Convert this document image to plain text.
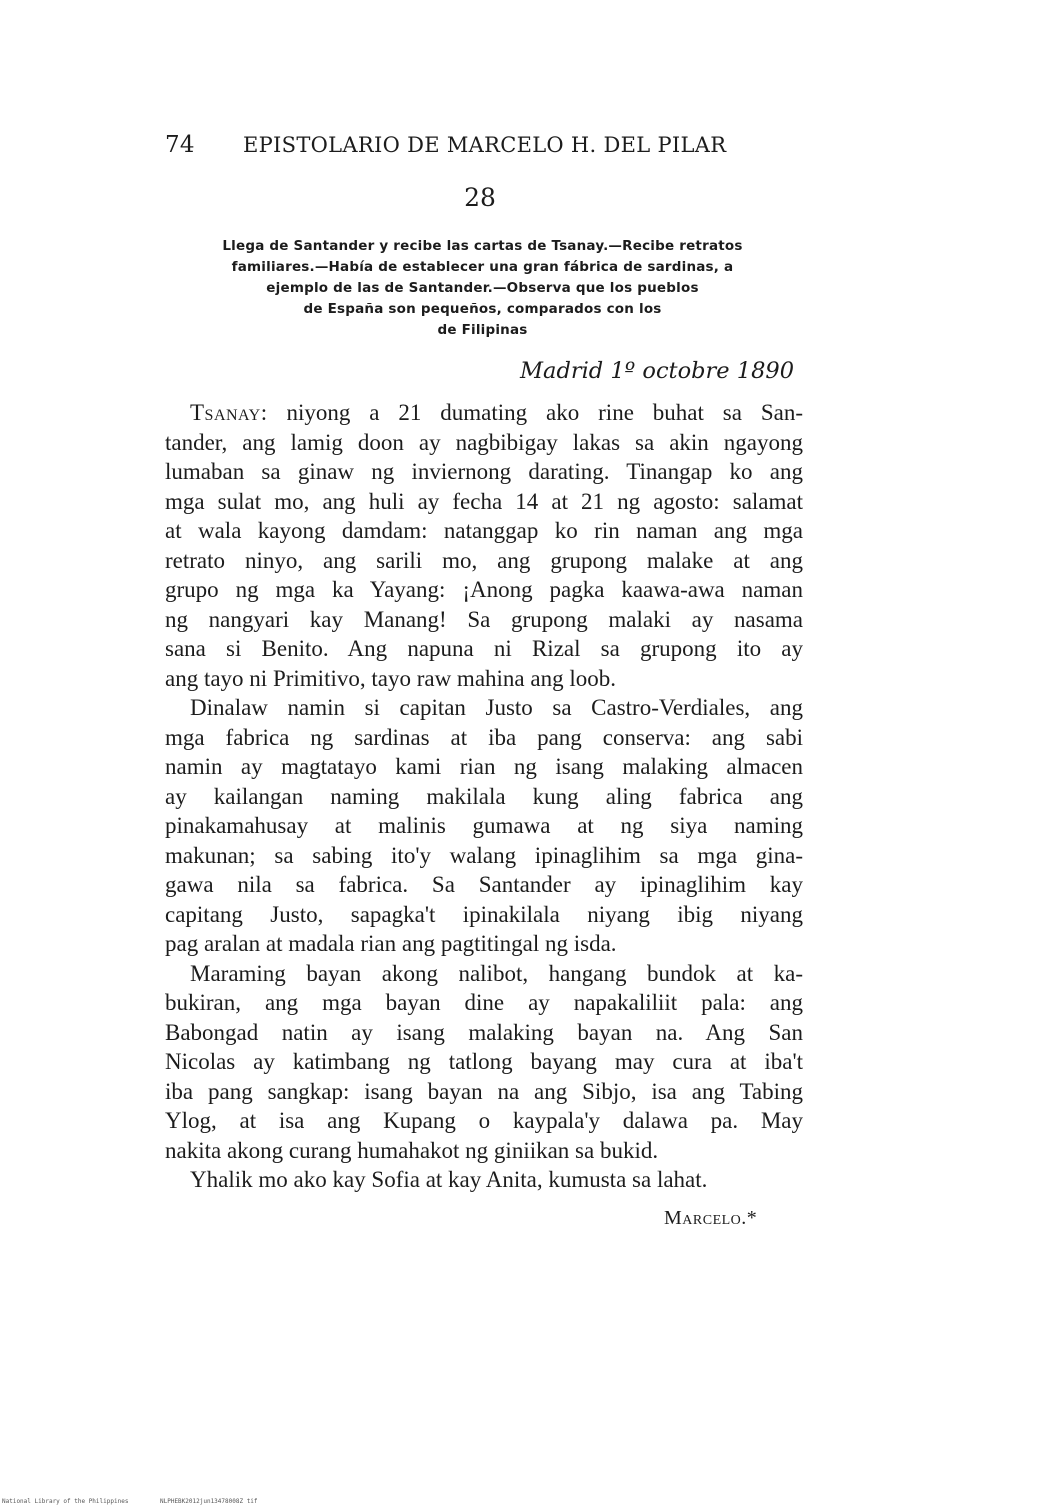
74 EPISTOLARIO DE MARCELO H. DEL PILAR
28
Llega de Santander y recibe las cartas de Tsanay.—Recibe retratos
familiares.—Había de establecer una gran fábrica de sardinas, a
ejemplo de las de Santander.—Observa que los pueblos
de España son pequeños, comparados con los
de Filipinas
Madrid 1º octobre 1890
Tsanay: niyong a 21 dumating ako rine buhat sa San-
tander, ang lamig doon ay nagbibigay lakas sa akin ngayong
lumaban sa ginaw ng inviernong darating. Tinangap ko ang
mga sulat mo, ang huli ay fecha 14 at 21 ng agosto: salamat
at wala kayong damdam: natanggap ko rin naman ang mga
retrato ninyo, ang sarili mo, ang grupong malake at ang
grupo ng mga ka Yayang: ¡Anong pagka kaawa-awa naman
ng nangyari kay Manang! Sa grupong malaki ay nasama
sana si Benito. Ang napuna ni Rizal sa grupong ito ay
ang tayo ni Primitivo, tayo raw mahina ang loob.
Dinalaw namin si capitan Justo sa Castro-Verdiales, ang
mga fabrica ng sardinas at iba pang conserva: ang sabi
namin ay magtatayo kami rian ng isang malaking almacen
ay kailangan naming makilala kung aling fabrica ang
pinakamahusay at malinis gumawa at ng siya naming
makunan; sa sabing ito'y walang ipinaglihim sa mga gina-
gawa nila sa fabrica. Sa Santander ay ipinaglihim kay
capitang Justo, sapagka't ipinakilala niyang ibig niyang
pag aralan at madala rian ang pagtitingal ng isda.
Maraming bayan akong nalibot, hangang bundok at ka-
bukiran, ang mga bayan dine ay napakaliliit pala: ang
Babongad natin ay isang malaking bayan na. Ang San
Nicolas ay katimbang ng tatlong bayang may cura at iba't
iba pang sangkap: isang bayan na ang Sibjo, isa ang Tabing
Ylog, at isa ang Kupang o kaypala'y dalawa pa. May
nakita akong curang humahakot ng giniikan sa bukid.
Yhalik mo ako kay Sofia at kay Anita, kumusta sa lahat.
Marcelo.*
National Library of the Philippines	NLPHEBK2012jun13478008Z tif
